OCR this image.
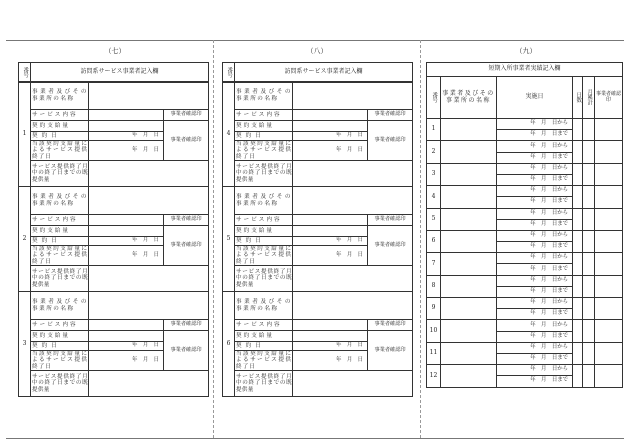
（七）	（八）	（九）
番号	訪問系サービス事業者記入欄
1	事業者及びその事業所の名称		
	サービス内容		事業者確認印
	契約支給量		事業者確認印
	契約日	年　月　日	
	当該契約支給量によるサービス提供終了日	年　月　日	
	サービス提供終了月中の終了日までの既提供量		
2	事業者及びその事業所の名称		
	サービス内容		事業者確認印
	契約支給量		事業者確認印
	契約日	年　月　日	
	当該契約支給量によるサービス提供終了日	年　月　日	
	サービス提供終了月中の終了日までの既提供量		
3	事業者及びその事業所の名称		
	サービス内容		事業者確認印
	契約支給量		事業者確認印
	契約日	年　月　日	
	当該契約支給量によるサービス提供終了日	年　月　日	
	サービス提供終了月中の終了日までの既提供量		
番号	訪問系サービス事業者記入欄
4	事業者及びその事業所の名称		
	サービス内容		事業者確認印
	契約支給量		事業者確認印
	契約日	年　月　日	
	当該契約支給量によるサービス提供終了日	年　月　日	
	サービス提供終了月中の終了日までの既提供量		
5	事業者及びその事業所の名称		
	サービス内容		事業者確認印
	契約支給量		事業者確認印
	契約日	年　月　日	
	当該契約支給量によるサービス提供終了日	年　月　日	
	サービス提供終了月中の終了日までの既提供量		
6	事業者及びその事業所の名称		
	サービス内容		事業者確認印
	契約支給量		事業者確認印
	契約日	年　月　日	
	当該契約支給量によるサービス提供終了日	年　月　日	
	サービス提供終了月中の終了日までの既提供量		
短期入所事業者実績記入欄					

番号	事業者及びその事業所の名称	実施日	日数	月累計	事業者確認印
1		年　月　日から			
		年　月　日まで			
2		年　月　日から			
		年　月　日まで			
3		年　月　日から			
		年　月　日まで			
4		年　月　日から			
		年　月　日まで			
5		年　月　日から			
		年　月　日まで			
6		年　月　日から			
		年　月　日まで			
7		年　月　日から			
		年　月　日まで			
8		年　月　日から			
		年　月　日まで			
9		年　月　日から			
		年　月　日まで			
10		年　月　日から			
		年　月　日まで			
11		年　月　日から			
		年　月　日まで			
12		年　月　日から			
		年　月　日まで			
